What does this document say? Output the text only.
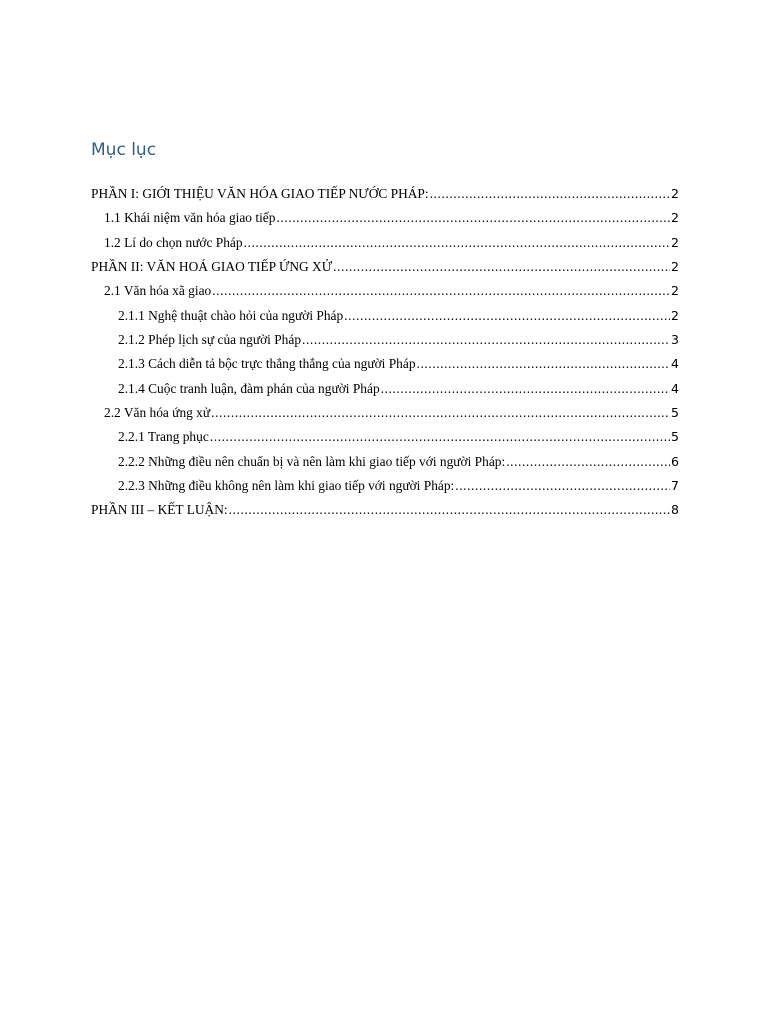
Mục lục
PHẦN I: GIỚI THIỆU VĂN HÓA GIAO TIẾP NƯỚC PHÁP: .....	2
1.1 Khái niệm văn hóa giao tiếp .....	2
1.2 Lí do chọn nước Pháp .....	2
PHẦN II: VĂN HOÁ GIAO TIẾP ỨNG XỬ .....	2
2.1 Văn hóa xã giao .....	2
2.1.1 Nghệ thuật chào hỏi của người Pháp .....	2
2.1.2 Phép lịch sự của người Pháp .....	3
2.1.3 Cách diễn tả bộc trực thẳng thắng của người Pháp .....	4
2.1.4 Cuộc tranh luận, đàm phán của người Pháp .....	4
2.2 Văn hóa ứng xử .....	5
2.2.1 Trang phục .....	5
2.2.2 Những điều nên chuẩn bị và nên làm khi giao tiếp với người Pháp: .....	6
2.2.3 Những điều không nên làm khi giao tiếp với người Pháp: .....	7
PHẦN III – KẾT LUẬN: .....	8
